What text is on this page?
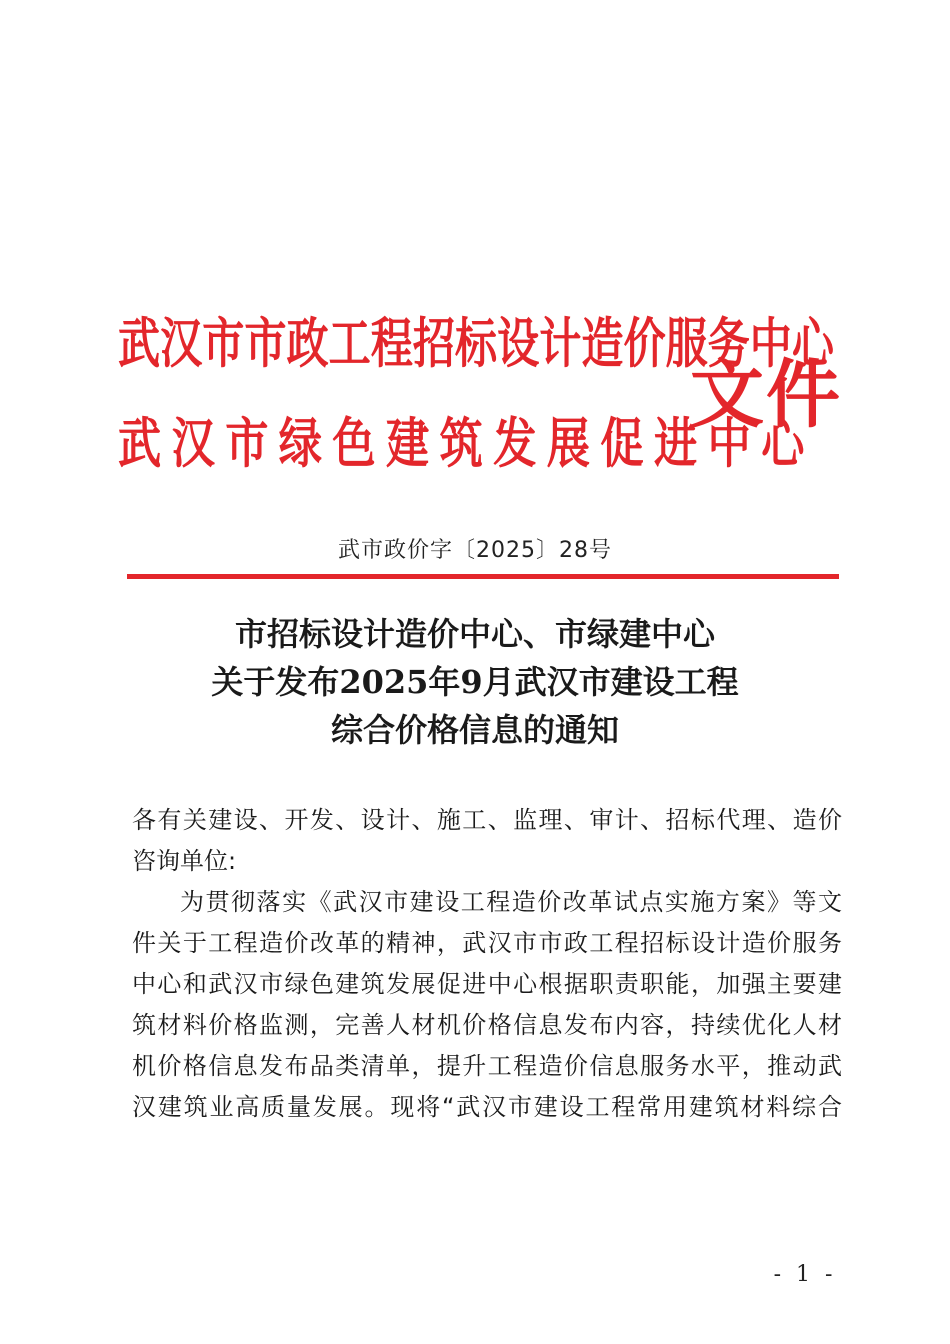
武汉市市政工程招标设计造价服务中心
武汉市绿色建筑发展促进中心
文件
武市政价字〔2025〕28号
市招标设计造价中心、市绿建中心
关于发布2025年9月武汉市建设工程
综合价格信息的通知
各有关建设、开发、设计、施工、监理、审计、招标代理、造价
咨询单位:
为贯彻落实《武汉市建设工程造价改革试点实施方案》等文
件关于工程造价改革的精神，武汉市市政工程招标设计造价服务
中心和武汉市绿色建筑发展促进中心根据职责职能，加强主要建
筑材料价格监测，完善人材机价格信息发布内容，持续优化人材
机价格信息发布品类清单，提升工程造价信息服务水平，推动武
汉建筑业高质量发展。现将“武汉市建设工程常用建筑材料综合
- 1 -
